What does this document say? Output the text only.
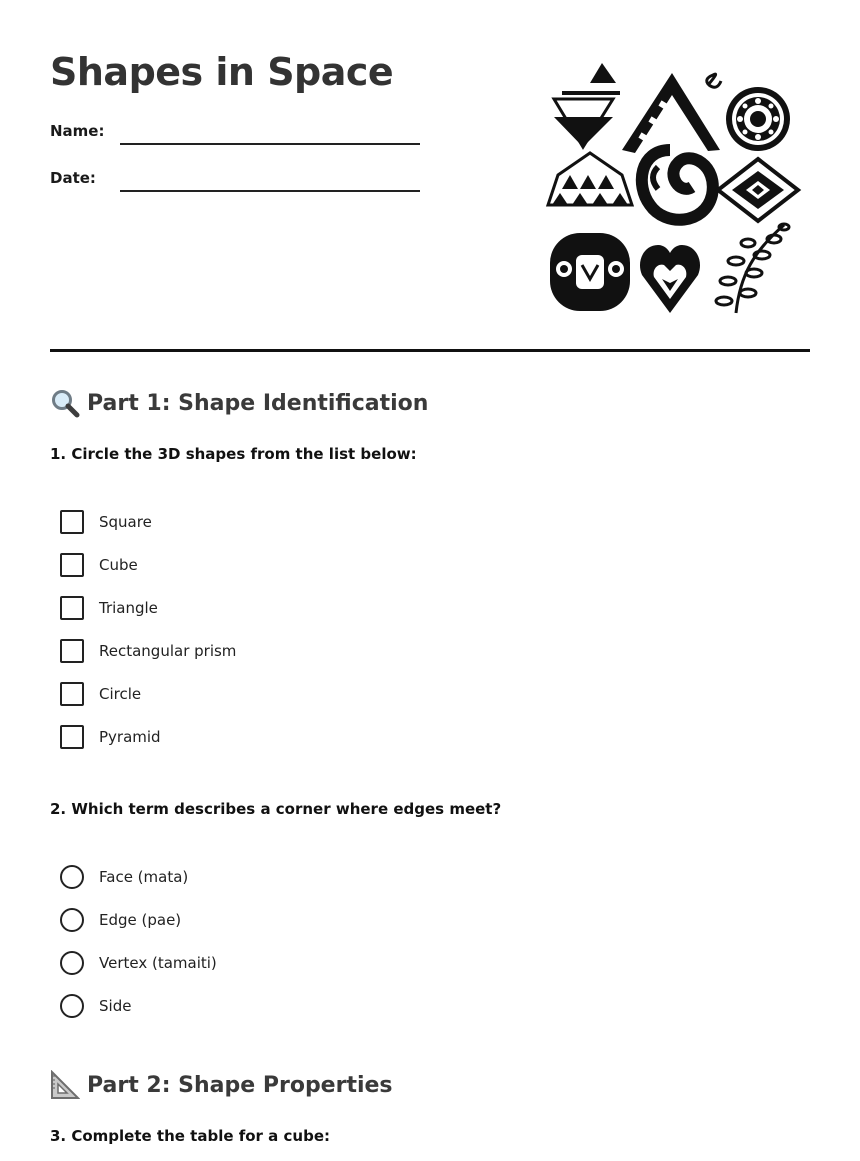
Shapes in Space
Name:
Date:
Part 1: Shape Identification
1. Circle the 3D shapes from the list below:
Square
Cube
Triangle
Rectangular prism
Circle
Pyramid
2. Which term describes a corner where edges meet?
Face (mata)
Edge (pae)
Vertex (tamaiti)
Side
Part 2: Shape Properties
3. Complete the table for a cube:
